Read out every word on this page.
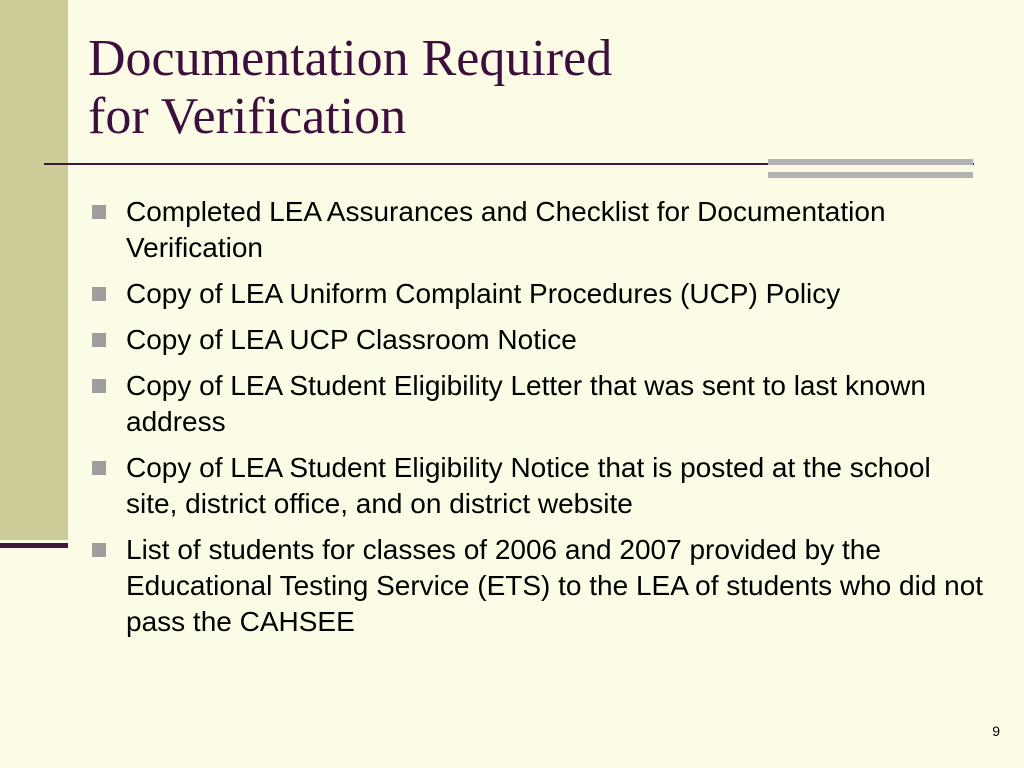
Documentation Required
for Verification
Completed LEA Assurances and Checklist for Documentation Verification
Copy of LEA Uniform Complaint Procedures (UCP) Policy
Copy of LEA UCP Classroom Notice
Copy of LEA Student Eligibility Letter that was sent to last known address
Copy of LEA Student Eligibility Notice that is posted at the school site, district office, and on district website
List of students for classes of 2006 and 2007 provided by the Educational Testing Service (ETS) to the LEA of students who did not pass the CAHSEE
9
